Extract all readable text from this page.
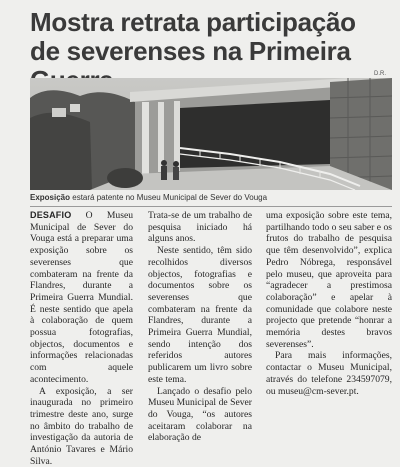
Mostra retrata participação de severenses na Primeira
D.R.
Exposição estará patente no Museu Municipal de Sever do Vouga

DESAFIO O Museu Municipal de Sever do Vouga está a preparar uma exposição sobre os severenses que combateram na frente da Flandres, durante a Primeira Guerra Mundial. É neste sentido que apela à colaboração de quem possua fotografias, objectos, documentos e informações relacionadas com aquele acontecimento.

A exposição, a ser inaugurada no primeiro trimestre deste ano, surge no âmbito do trabalho de investigação da autoria de António Tavares e Mário Silva.

Trata-se de um trabalho de pesquisa iniciado há alguns anos.

Neste sentido, têm sido recolhidos diversos objectos, fotografias e documentos sobre os severenses que combateram na frente da Flandres, durante a Primeira Guerra Mundial, sendo intenção dos referidos autores publicarem um livro sobre este tema.

Lançado o desafio pelo Museu Municipal de Sever do Vouga, “os autores aceitaram colaborar na elaboração de

uma exposição sobre este tema, partilhando todo o seu saber e os frutos do trabalho de pesquisa que têm desenvolvido”, explica Pedro Nóbrega, responsável pelo museu, que aproveita para “agradecer a prestimosa colaboração” e apelar à comunidade que colabore neste projecto que pretende “honrar a memória destes bravos severenses”.

Para mais informações, contactar o Museu Municipal, através do telefone 234597079, ou museu@cm-sever.pt.
